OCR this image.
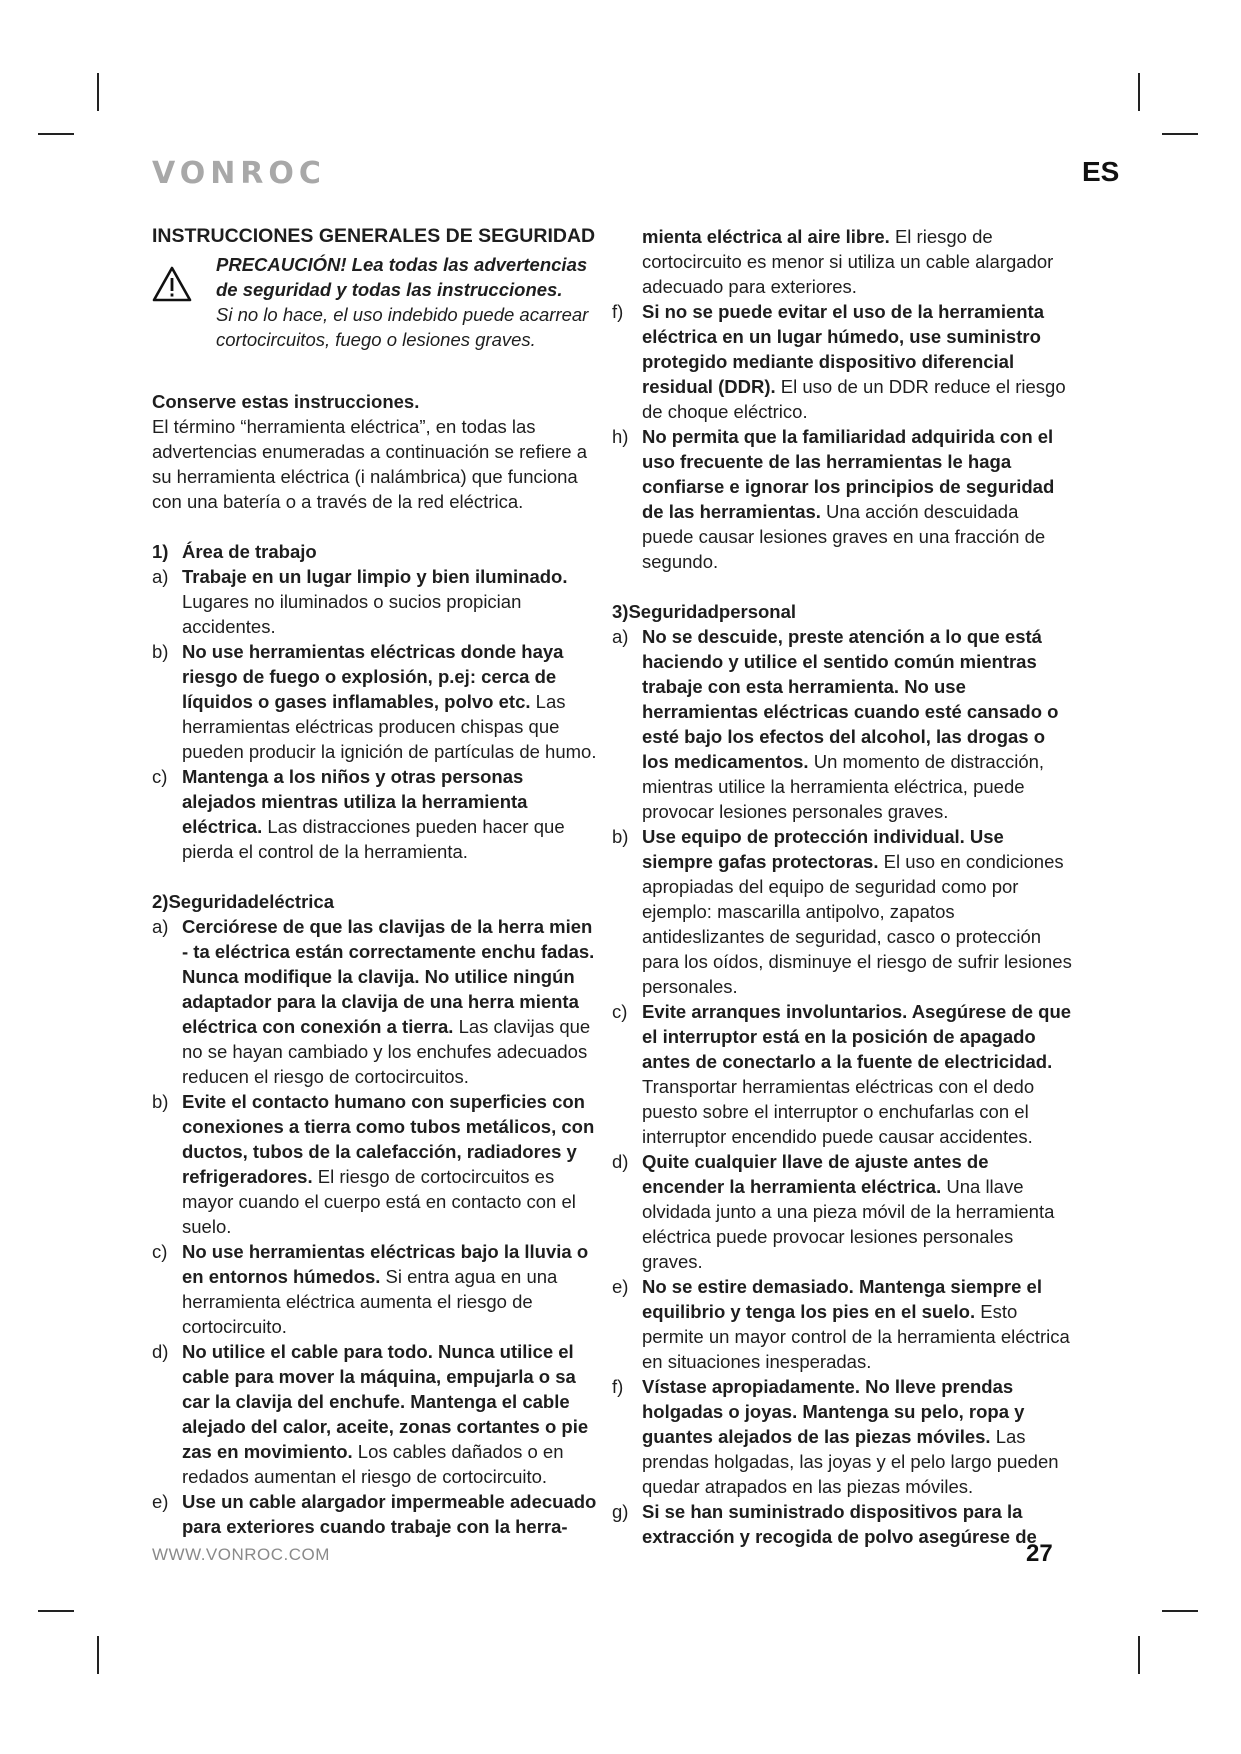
VONROC	ES

INSTRUCCIONES GENERALES DE SEGURIDAD

PRECAUCIÓN! Lea todas las advertencias de seguridad y todas las instrucciones.

Si no lo hace, el uso indebido puede acarrear cortocircuitos, fuego o lesiones graves.

Conserve estas instrucciones.

El término “herramienta eléctrica”, en todas las advertencias enumeradas a continuación se refiere a su herramienta eléctrica (i nalámbrica) que funciona con una batería o a través de la red eléctrica.

1) Área de trabajo
a) Trabaje en un lugar limpio y bien iluminado. Lugares no iluminados o sucios propician accidentes.
b) No use herramientas eléctricas donde haya riesgo de fuego o explosión, p.ej: cerca de líquidos o gases inflamables, polvo etc. Las herramientas eléctricas producen chispas que pueden producir la ignición de partículas de humo.
c) Mantenga a los niños y otras personas alejados mientras utiliza la herramienta eléctrica. Las distracciones pueden hacer que pierda el control de la herramienta.

2)Seguridadeléctrica

a) Cerciórese de que las clavijas de la herra mien - ta eléctrica están correctamente enchu fadas. Nunca modifique la clavija. No utilice ningún adaptador para la clavija de una herra mienta eléctrica con conexión a tierra. Las clavijas que no se hayan cambiado y los enchufes adecuados reducen el riesgo de cortocircuitos.
b) Evite el contacto humano con superficies con conexiones a tierra como tubos metálicos, con ductos, tubos de la calefacción, radiadores y refrigeradores. El riesgo de cortocircuitos es mayor cuando el cuerpo está en contacto con el suelo.
c) No use herramientas eléctricas bajo la lluvia o en entornos húmedos. Si entra agua en una herramienta eléctrica aumenta el riesgo de cortocircuito.
d) No utilice el cable para todo. Nunca utilice el cable para mover la máquina, empujarla o sa car la clavija del enchufe. Mantenga el cable alejado del calor, aceite, zonas cortantes o pie zas en movimiento. Los cables dañados o en redados aumentan el riesgo de cortocircuito.
e) Use un cable alargador impermeable adecuado para exteriores cuando trabaje con la herra-
mienta eléctrica al aire libre. El riesgo de cortocircuito es menor si utiliza un cable alargador adecuado para exteriores.
f)	Si no se puede evitar el uso de la herramienta eléctrica en un lugar húmedo, use suministro protegido mediante dispositivo diferencial residual (DDR). El uso de un DDR reduce el riesgo de choque eléctrico.
h) No permita que la familiaridad adquirida con el uso frecuente de las herramientas le haga confiarse e ignorar los principios de seguridad de las herramientas. Una acción descuidada puede causar lesiones graves en una fracción de segundo.

3)Seguridadpersonal

a) No se descuide, preste atención a lo que está haciendo y utilice el sentido común mientras trabaje con esta herramienta. No use herramientas eléctricas cuando esté cansado o esté bajo los efectos del alcohol, las drogas o los medicamentos. Un momento de distracción, mientras utilice la herramienta eléctrica, puede provocar lesiones personales graves.
b) Use equipo de protección individual. Use siempre gafas protectoras. El uso en condiciones apropiadas del equipo de seguridad como por ejemplo: mascarilla antipolvo, zapatos antideslizantes de seguridad, casco o protección para los oídos, disminuye el riesgo de sufrir lesiones personales.
c) Evite arranques involuntarios. Asegúrese de que el interruptor está en la posición de apagado antes de conectarlo a la fuente de electricidad. Transportar herramientas eléctricas con el dedo puesto sobre el interruptor o enchufarlas con el interruptor encendido puede causar accidentes.
d) Quite cualquier llave de ajuste antes de encender la herramienta eléctrica. Una llave olvidada junto a una pieza móvil de la herramienta eléctrica puede provocar lesiones personales graves.
e) No se estire demasiado. Mantenga siempre el equilibrio y tenga los pies en el suelo. Esto permite un mayor control de la herramienta eléctrica en situaciones inesperadas.
f)	Vístase apropiadamente. No lleve prendas holgadas o joyas. Mantenga su pelo, ropa y guantes alejados de las piezas móviles. Las prendas holgadas, las joyas y el pelo largo pueden quedar atrapados en las piezas móviles.
g) Si se han suministrado dispositivos para la extracción y recogida de polvo asegúrese de
WWW.VONROC.COM	27
